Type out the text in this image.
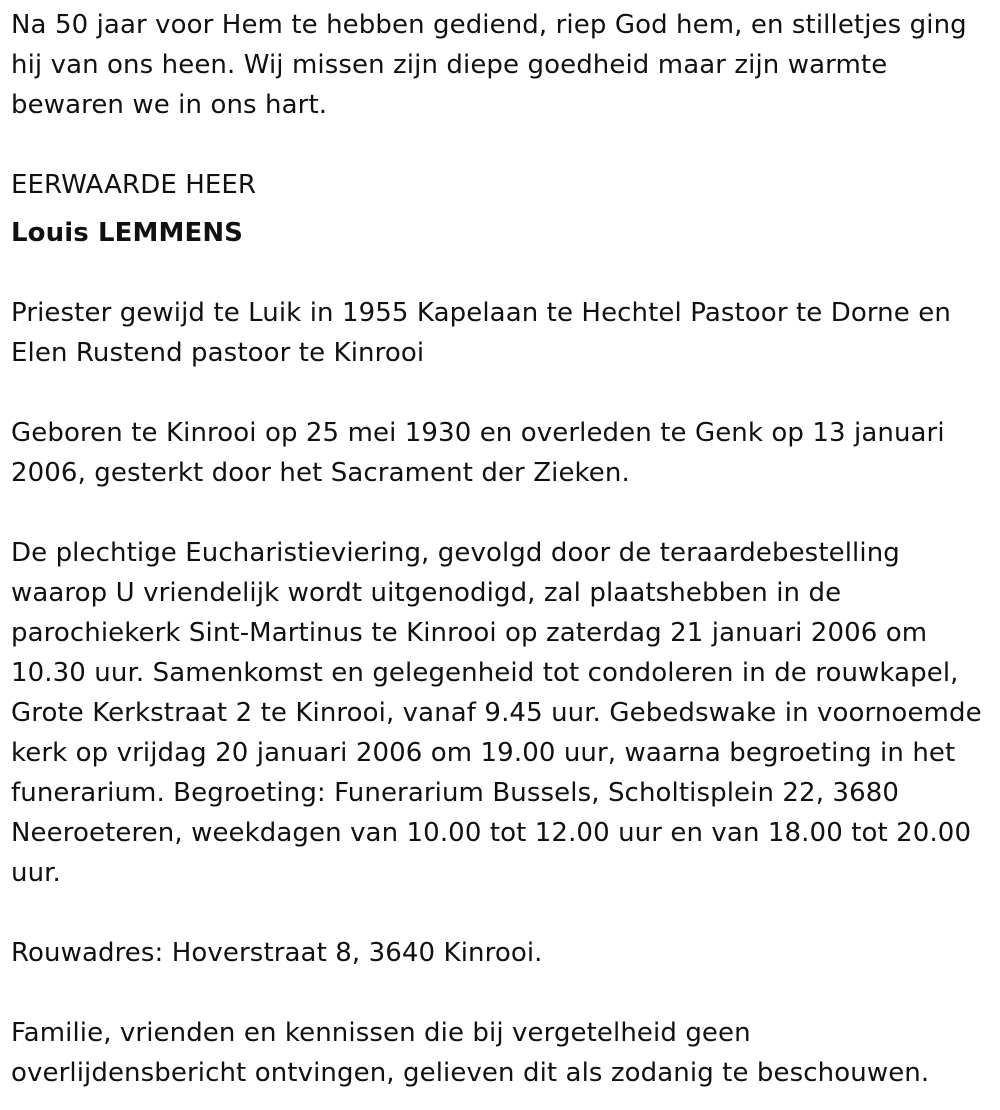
Na 50 jaar voor Hem te hebben gediend, riep God hem, en stilletjes ging hij van ons heen. Wij missen zijn diepe goedheid maar zijn warmte bewaren we in ons hart.

EERWAARDE HEER

Louis LEMMENS

Priester gewijd te Luik in 1955 Kapelaan te Hechtel Pastoor te Dorne en Elen Rustend pastoor te Kinrooi

Geboren te Kinrooi op 25 mei 1930 en overleden te Genk op 13 januari 2006, gesterkt door het Sacrament der Zieken.

De plechtige Eucharistieviering, gevolgd door de teraardebestelling waarop U vriendelijk wordt uitgenodigd, zal plaatshebben in de parochiekerk Sint-Martinus te Kinrooi op zaterdag 21 januari 2006 om 10.30 uur. Samenkomst en gelegenheid tot condoleren in de rouwkapel, Grote Kerkstraat 2 te Kinrooi, vanaf 9.45 uur. Gebedswake in voornoemde kerk op vrijdag 20 januari 2006 om 19.00 uur, waarna begroeting in het funerarium. Begroeting: Funerarium Bussels, Scholtisplein 22, 3680 Neeroeteren, weekdagen van 10.00 tot 12.00 uur en van 18.00 tot 20.00 uur.

Rouwadres: Hoverstraat 8, 3640 Kinrooi.

Familie, vrienden en kennissen die bij vergetelheid geen overlijdensbericht ontvingen, gelieven dit als zodanig te beschouwen.
